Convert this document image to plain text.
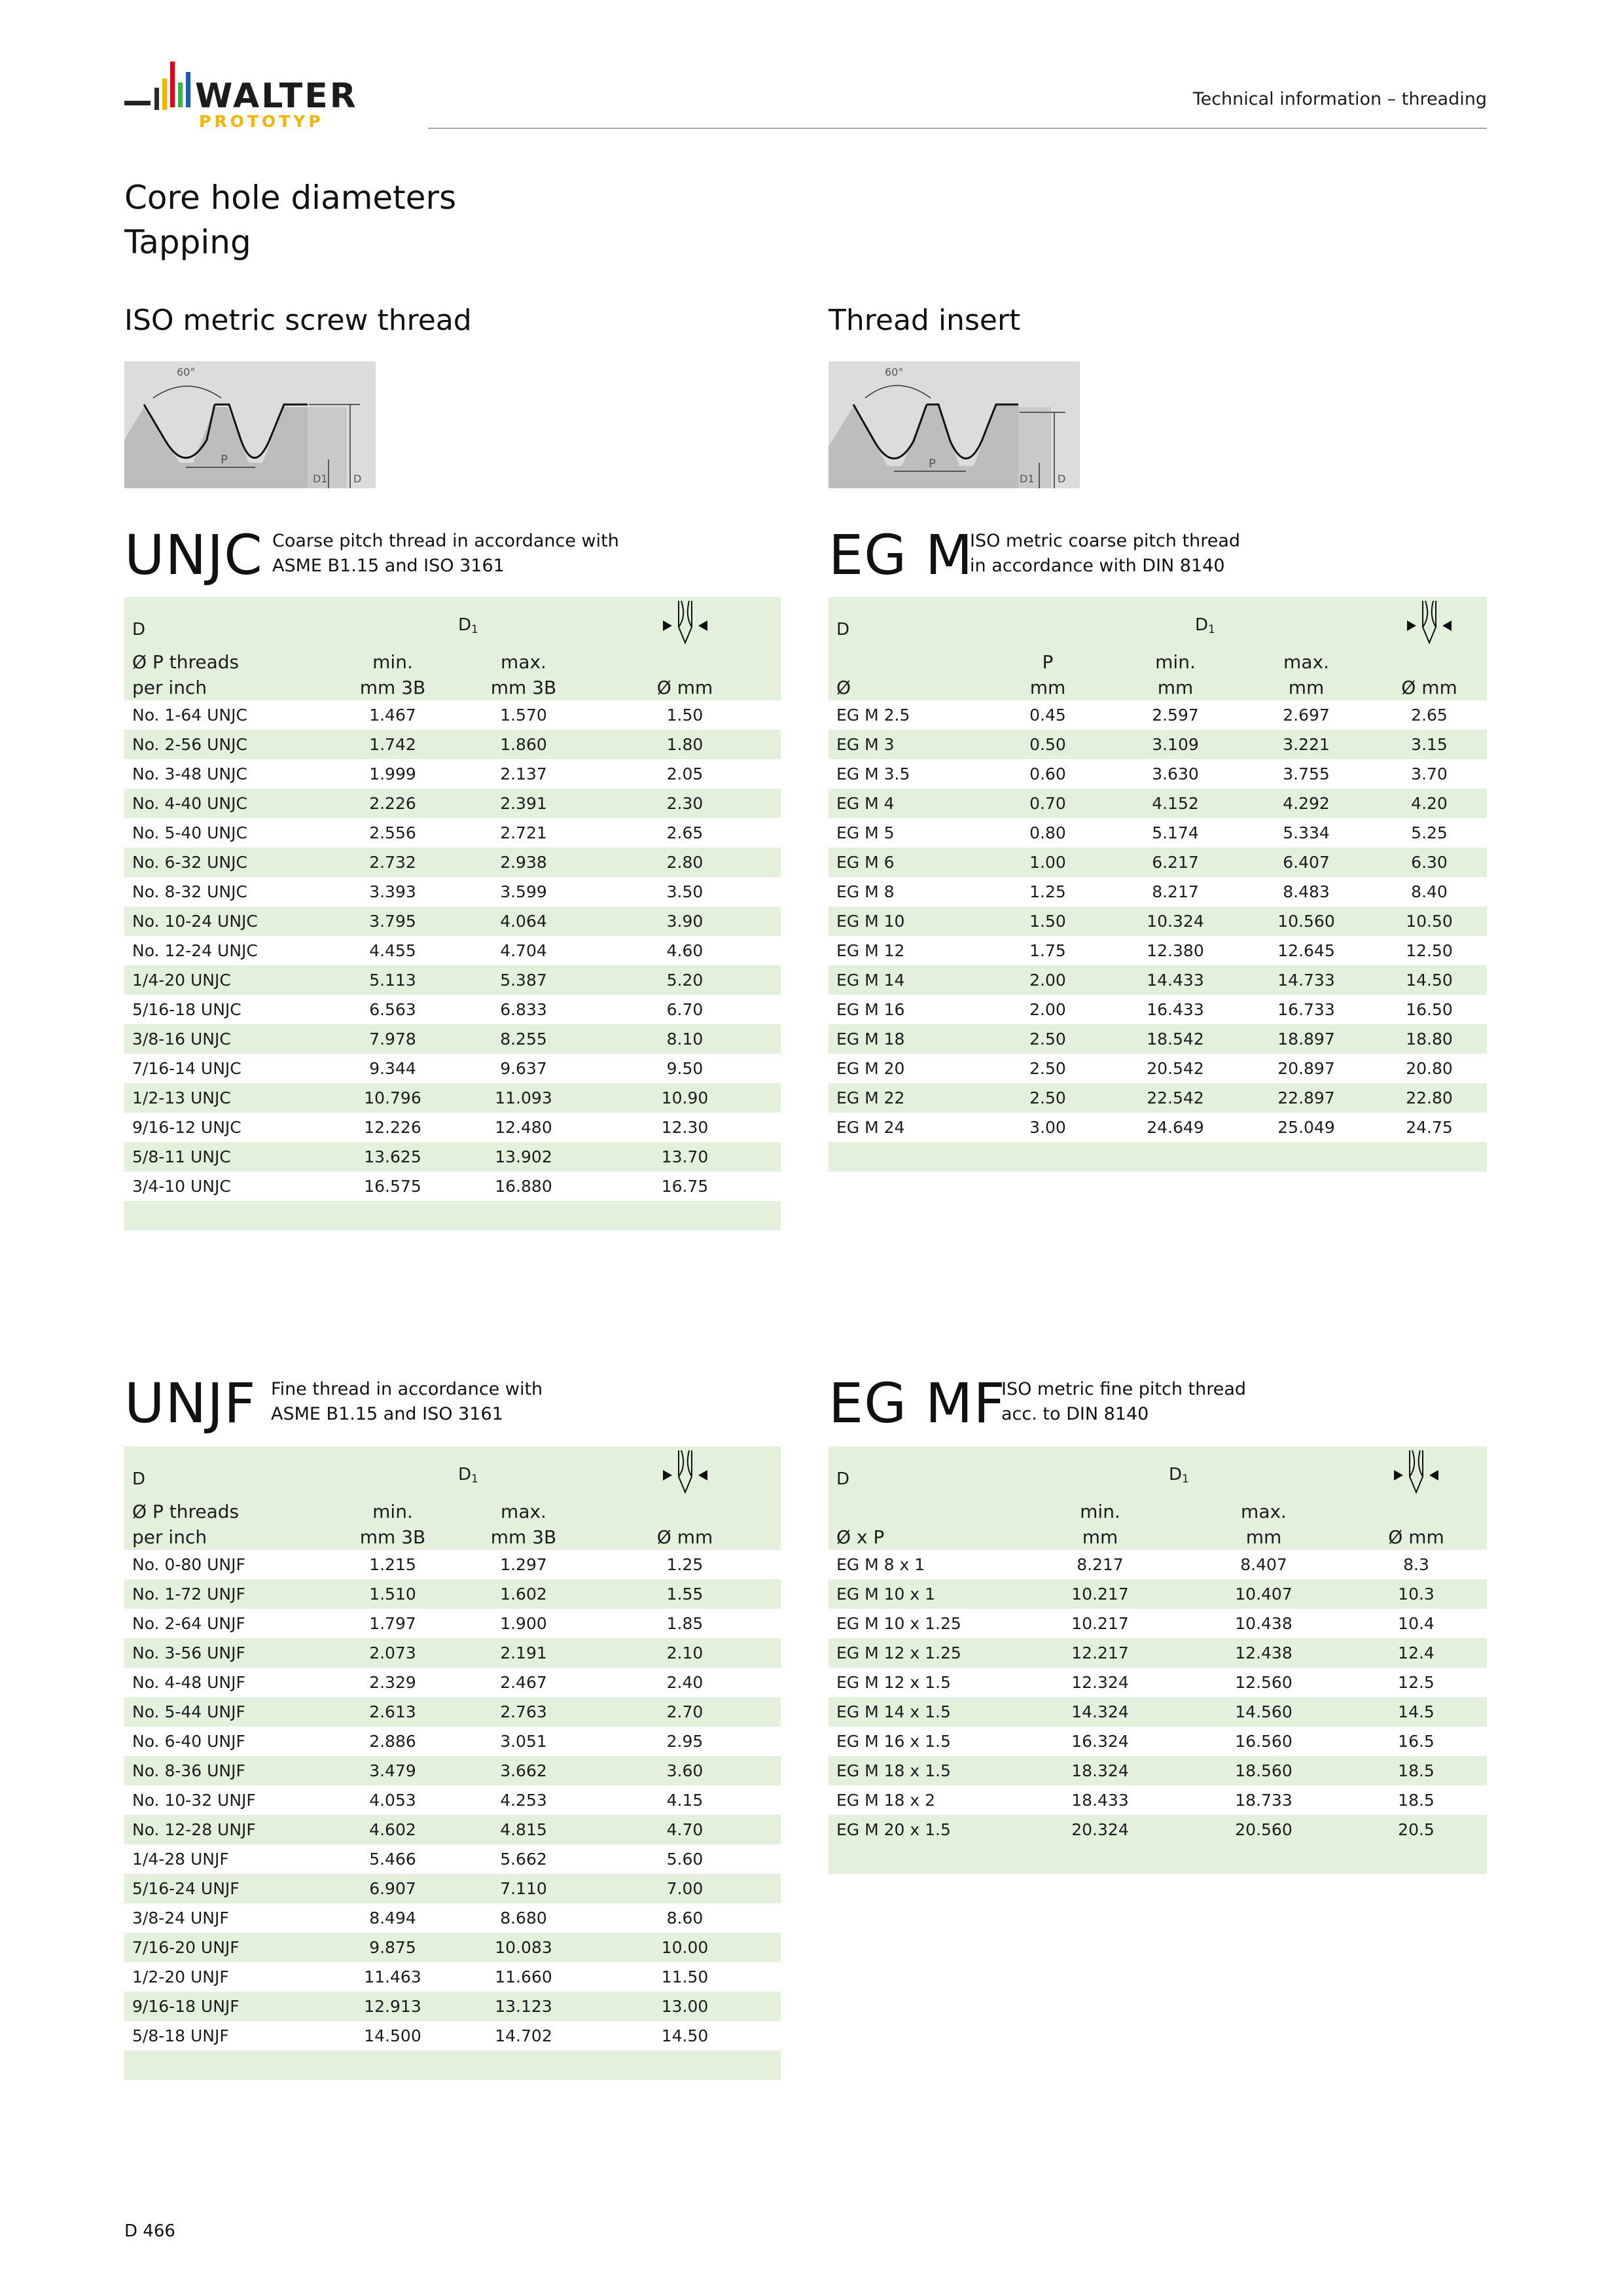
WALTER
PROTOTYP
Technical information – threading
Core hole diameters
Tapping
ISO metric screw thread	Thread insert
60°
P
D1 D
60°
P
D1 D
UNJC Coarse pitch thread in accordance with
ASME B1.15 and ISO 3161
D		D1	
Ø P threads	min.	max.	
per inch	mm 3B	mm 3B	Ø mm
No. 1-64 UNJC	1.467	1.570	1.50
No. 2-56 UNJC	1.742	1.860	1.80
No. 3-48 UNJC	1.999	2.137	2.05
No. 4-40 UNJC	2.226	2.391	2.30
No. 5-40 UNJC	2.556	2.721	2.65
No. 6-32 UNJC	2.732	2.938	2.80
No. 8-32 UNJC	3.393	3.599	3.50
No. 10-24 UNJC	3.795	4.064	3.90
No. 12-24 UNJC	4.455	4.704	4.60
1/4-20 UNJC	5.113	5.387	5.20
5/16-18 UNJC	6.563	6.833	6.70
3/8-16 UNJC	7.978	8.255	8.10
7/16-14 UNJC	9.344	9.637	9.50
1/2-13 UNJC	10.796	11.093	10.90
9/16-12 UNJC	12.226	12.480	12.30
5/8-11 UNJC	13.625	13.902	13.70
3/4-10 UNJC	16.575	16.880	16.75

EG M
ISO metric coarse pitch thread
in accordance with DIN 8140
D		D1	
	P	min.	max.	
Ø	mm	mm	mm	Ø mm
EG M 2.5	0.45	2.597	2.697	2.65
EG M 3	0.50	3.109	3.221	3.15
EG M 3.5	0.60	3.630	3.755	3.70
EG M 4	0.70	4.152	4.292	4.20
EG M 5	0.80	5.174	5.334	5.25
EG M 6	1.00	6.217	6.407	6.30
EG M 8	1.25	8.217	8.483	8.40
EG M 10	1.50	10.324	10.560	10.50
EG M 12	1.75	12.380	12.645	12.50
EG M 14	2.00	14.433	14.733	14.50
EG M 16	2.00	16.433	16.733	16.50
EG M 18	2.50	18.542	18.897	18.80
EG M 20	2.50	20.542	20.897	20.80
EG M 22	2.50	22.542	22.897	22.80
EG M 24	3.00	24.649	25.049	24.75

UNJF Fine thread in accordance with
ASME B1.15 and ISO 3161
D		D1	
Ø P threads	min.	max.	
per inch	mm 3B	mm 3B	Ø mm
No. 0-80 UNJF	1.215	1.297	1.25
No. 1-72 UNJF	1.510	1.602	1.55
No. 2-64 UNJF	1.797	1.900	1.85
No. 3-56 UNJF	2.073	2.191	2.10
No. 4-48 UNJF	2.329	2.467	2.40
No. 5-44 UNJF	2.613	2.763	2.70
No. 6-40 UNJF	2.886	3.051	2.95
No. 8-36 UNJF	3.479	3.662	3.60
No. 10-32 UNJF	4.053	4.253	4.15
No. 12-28 UNJF	4.602	4.815	4.70
1/4-28 UNJF	5.466	5.662	5.60
5/16-24 UNJF	6.907	7.110	7.00
3/8-24 UNJF	8.494	8.680	8.60
7/16-20 UNJF	9.875	10.083	10.00
1/2-20 UNJF	11.463	11.660	11.50
9/16-18 UNJF	12.913	13.123	13.00
5/8-18 UNJF	14.500	14.702	14.50

EG MF
ISO metric fine pitch thread
acc. to DIN 8140
D	D1	
	min.	max.	
Ø x P	mm	mm	Ø mm
EG M 8 x 1	8.217	8.407	8.3
EG M 10 x 1	10.217	10.407	10.3
EG M 10 x 1.25	10.217	10.438	10.4
EG M 12 x 1.25	12.217	12.438	12.4
EG M 12 x 1.5	12.324	12.560	12.5
EG M 14 x 1.5	14.324	14.560	14.5
EG M 16 x 1.5	16.324	16.560	16.5
EG M 18 x 1.5	18.324	18.560	18.5
EG M 18 x 2	18.433	18.733	18.5
EG M 20 x 1.5	20.324	20.560	20.5

D 466
